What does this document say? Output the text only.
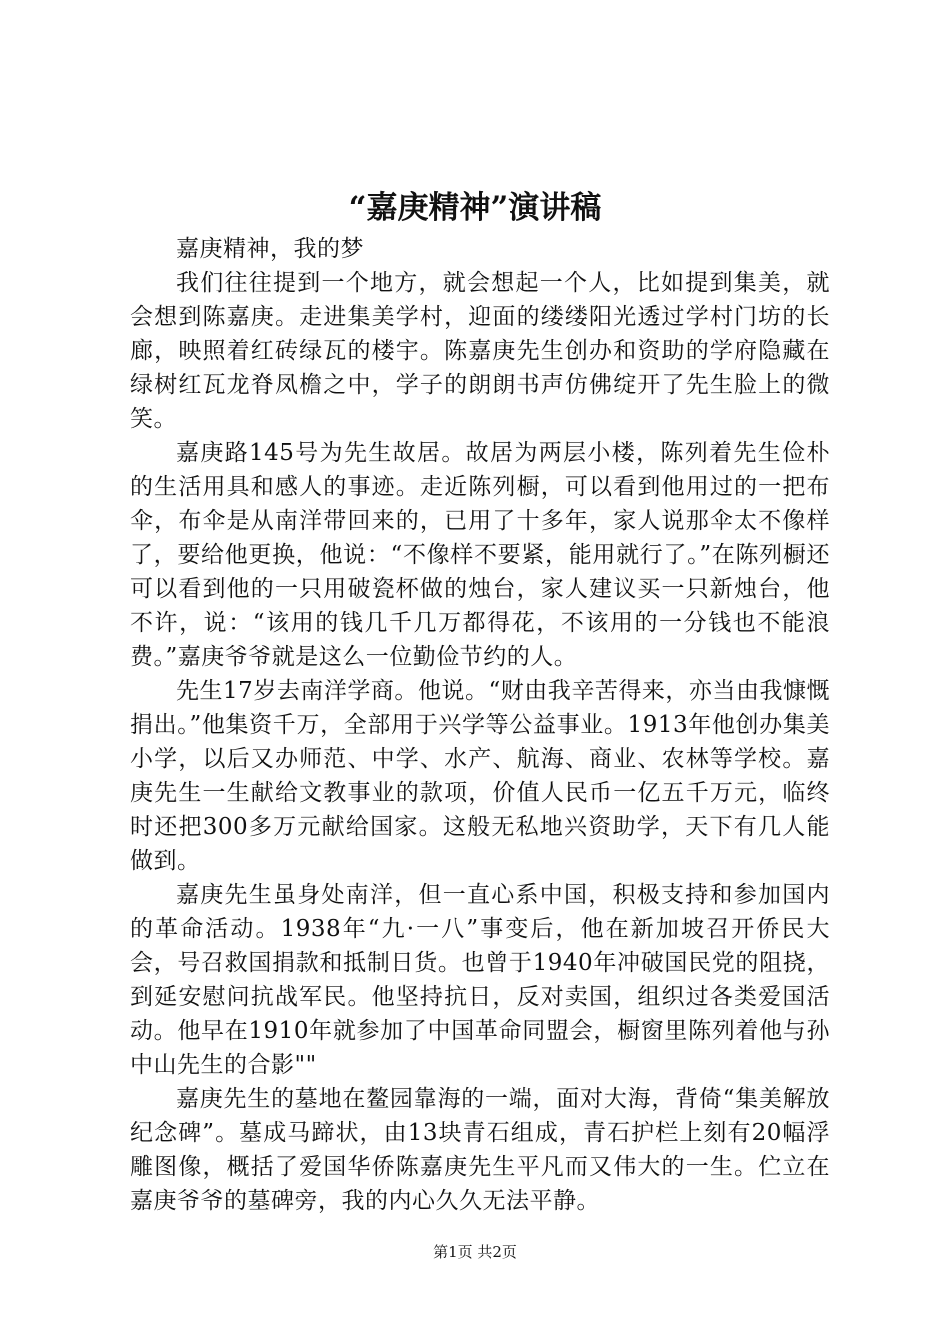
“嘉庚精神”演讲稿

嘉庚精神，我的梦

我们往往提到一个地方，就会想起一个人，比如提到集美，就会想到陈嘉庚。走进集美学村，迎面的缕缕阳光透过学村门坊的长廊，映照着红砖绿瓦的楼宇。陈嘉庚先生创办和资助的学府隐藏在绿树红瓦龙脊凤檐之中，学子的朗朗书声仿佛绽开了先生脸上的微笑。

嘉庚路145号为先生故居。故居为两层小楼，陈列着先生俭朴的生活用具和感人的事迹。走近陈列橱，可以看到他用过的一把布伞，布伞是从南洋带回来的，已用了十多年，家人说那伞太不像样了，要给他更换，他说：“不像样不要紧，能用就行了。”在陈列橱还可以看到他的一只用破瓷杯做的烛台，家人建议买一只新烛台，他不许，说：“该用的钱几千几万都得花，不该用的一分钱也不能浪费。”嘉庚爷爷就是这么一位勤俭节约的人。

先生17岁去南洋学商。他说。“财由我辛苦得来，亦当由我慷慨捐出。”他集资千万，全部用于兴学等公益事业。1913年他创办集美小学，以后又办师范、中学、水产、航海、商业、农林等学校。嘉庚先生一生献给文教事业的款项，价值人民币一亿五千万元，临终时还把300多万元献给国家。这般无私地兴资助学，天下有几人能做到。

嘉庚先生虽身处南洋，但一直心系中国，积极支持和参加国内的革命活动。1938年“九·一八”事变后，他在新加坡召开侨民大会，号召救国捐款和抵制日货。也曾于1940年冲破国民党的阻挠，到延安慰问抗战军民。他坚持抗日，反对卖国，组织过各类爱国活动。他早在1910年就参加了中国革命同盟会，橱窗里陈列着他与孙中山先生的合影""

嘉庚先生的墓地在鳌园靠海的一端，面对大海，背倚“集美解放纪念碑”。墓成马蹄状，由13块青石组成，青石护栏上刻有20幅浮雕图像，概括了爱国华侨陈嘉庚先生平凡而又伟大的一生。伫立在嘉庚爷爷的墓碑旁，我的内心久久无法平静。

第1页 共2页
